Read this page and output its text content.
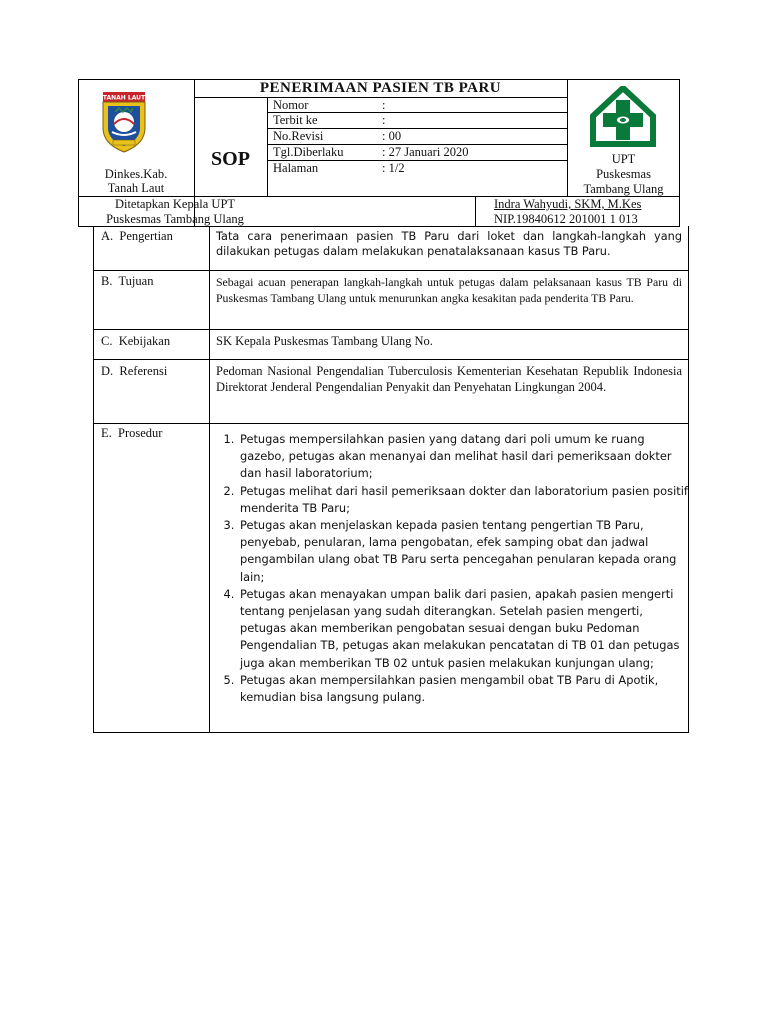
PENERIMAAN PASIEN TB PARU
SOP
Nomor	:
Terbit ke	:
No.Revisi	: 00
Tgl.Diberlaku	: 27 Januari 2020
Halaman	: 1/2
TANAH LAUT
Dinkes.Kab.
Tanah Laut
UPT
Puskesmas
Tambang Ulang
Ditetapkan Kepala UPT
Puskesmas Tambang Ulang
Indra Wahyudi, SKM, M.Kes
NIP.19840612 201001 1 013
A.  Pengertian	Tata cara penerimaan pasien TB Paru dari loket dan langkah-langkah yang dilakukan petugas dalam melakukan penatalaksanaan kasus TB Paru.
B.  Tujuan	Sebagai acuan penerapan langkah-langkah untuk petugas dalam pelaksanaan kasus TB Paru di Puskesmas Tambang Ulang untuk menurunkan angka kesakitan pada penderita TB Paru.
C.  Kebijakan	SK Kepala Puskesmas Tambang Ulang No.
D.  Referensi	Pedoman Nasional Pengendalian Tuberculosis Kementerian Kesehatan Republik Indonesia Direktorat Jenderal Pengendalian Penyakit dan Penyehatan Lingkungan 2004.
E.  Prosedur
1.	Petugas mempersilahkan pasien yang datang dari poli umum ke ruang gazebo, petugas akan menanyai dan melihat hasil dari pemeriksaan dokter dan hasil laboratorium;
2. Petugas melihat dari hasil pemeriksaan dokter dan laboratorium pasien positif menderita TB Paru;
3. Petugas akan menjelaskan kepada pasien tentang pengertian TB Paru, penyebab, penularan, lama pengobatan, efek samping obat dan jadwal pengambilan ulang obat TB Paru serta pencegahan penularan kepada orang lain;
4. Petugas akan menayakan umpan balik dari pasien, apakah pasien mengerti tentang penjelasan yang sudah diterangkan. Setelah pasien mengerti, petugas akan memberikan pengobatan sesuai dengan buku Pedoman Pengendalian TB, petugas akan melakukan pencatatan di TB 01 dan petugas juga akan memberikan TB 02 untuk pasien melakukan kunjungan ulang;
5. Petugas akan mempersilahkan pasien mengambil obat TB Paru di Apotik, kemudian bisa langsung pulang.
